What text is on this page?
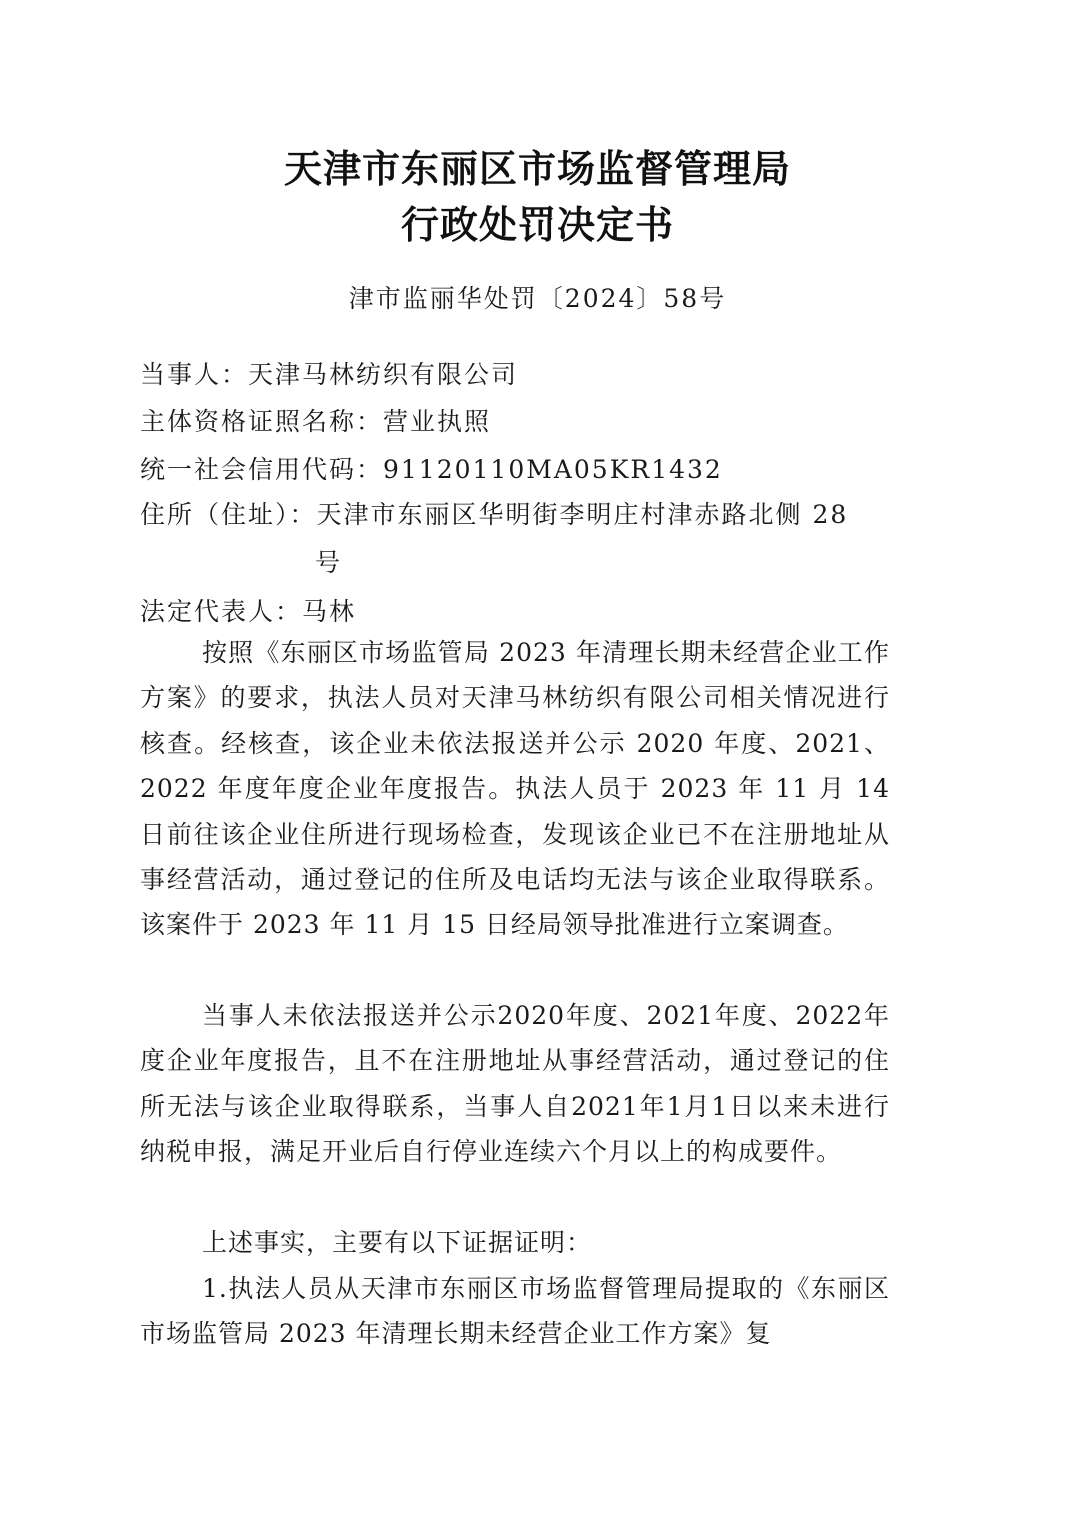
天津市东丽区市场监督管理局
行政处罚决定书
津市监丽华处罚〔2024〕58号
当事人：天津马林纺织有限公司
主体资格证照名称：营业执照
统一社会信用代码：91120110MA05KR1432
住所（住址）：天津市东丽区华明街李明庄村津赤路北侧 28
号
法定代表人：马林

按照《东丽区市场监管局 2023 年清理长期未经营企业工作方案》的要求，执法人员对天津马林纺织有限公司相关情况进行核查。经核查，该企业未依法报送并公示 2020 年度、2021、2022 年度年度企业年度报告。执法人员于 2023 年 11 月 14 日前往该企业住所进行现场检查，发现该企业已不在注册地址从事经营活动，通过登记的住所及电话均无法与该企业取得联系。该案件于 2023 年 11 月 15 日经局领导批准进行立案调查。

当事人未依法报送并公示2020年度、2021年度、2022年度企业年度报告，且不在注册地址从事经营活动，通过登记的住所无法与该企业取得联系，当事人自2021年1月1日以来未进行纳税申报，满足开业后自行停业连续六个月以上的构成要件。

上述事实，主要有以下证据证明：

1.执法人员从天津市东丽区市场监督管理局提取的《东丽区市场监管局 2023 年清理长期未经营企业工作方案》复
